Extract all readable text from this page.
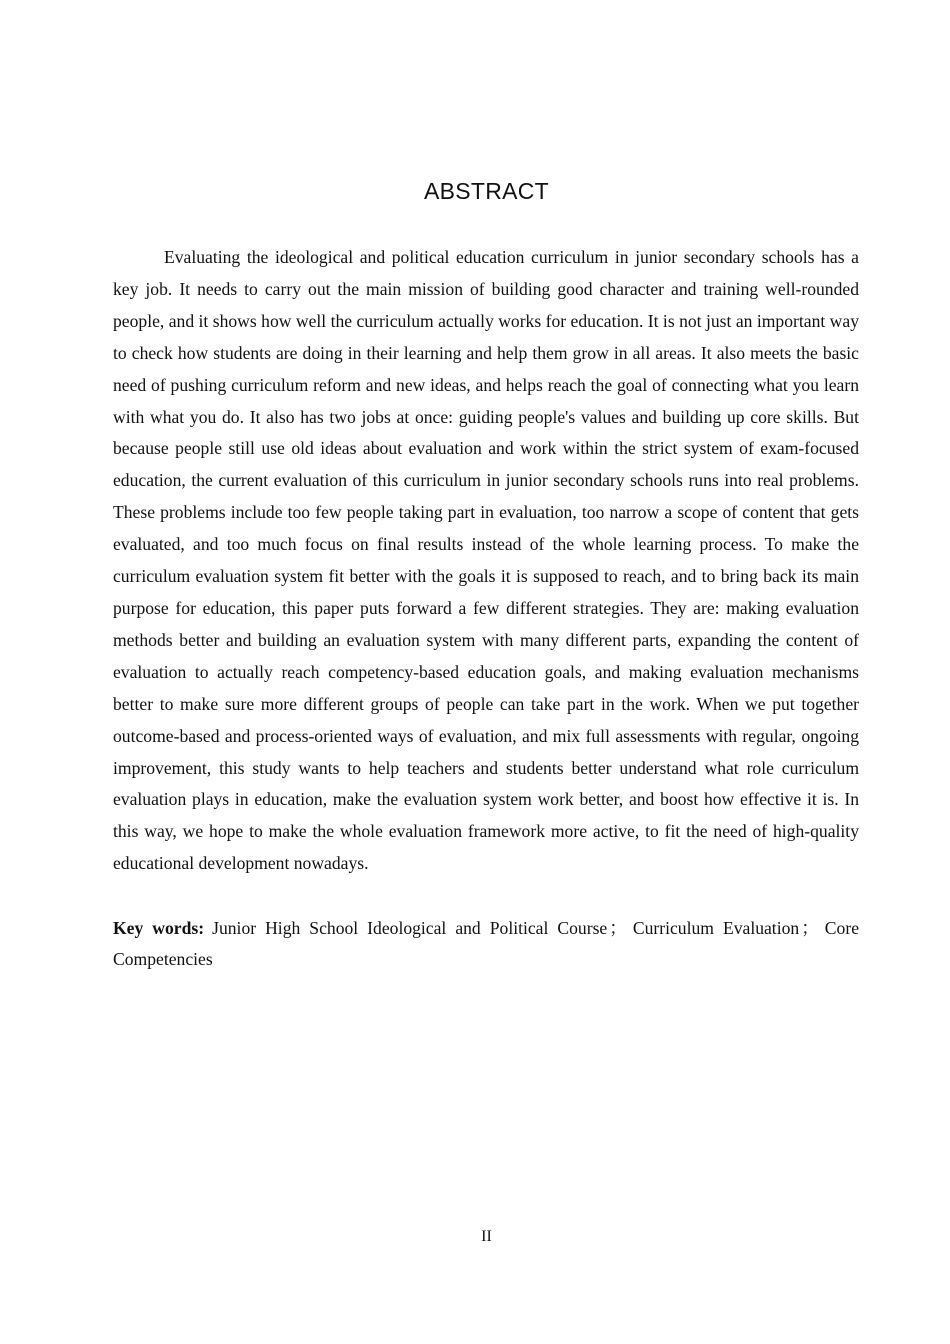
ABSTRACT

Evaluating the ideological and political education curriculum in junior secondary schools has a key job. It needs to carry out the main mission of building good character and training well-rounded people, and it shows how well the curriculum actually works for education. It is not just an important way to check how students are doing in their learning and help them grow in all areas. It also meets the basic need of pushing curriculum reform and new ideas, and helps reach the goal of connecting what you learn with what you do. It also has two jobs at once: guiding people's values and building up core skills. But because people still use old ideas about evaluation and work within the strict system of exam-focused education, the current evaluation of this curriculum in junior secondary schools runs into real problems. These problems include too few people taking part in evaluation, too narrow a scope of content that gets evaluated, and too much focus on final results instead of the whole learning process. To make the curriculum evaluation system fit better with the goals it is supposed to reach, and to bring back its main purpose for education, this paper puts forward a few different strategies. They are: making evaluation methods better and building an evaluation system with many different parts, expanding the content of evaluation to actually reach competency-based education goals, and making evaluation mechanisms better to make sure more different groups of people can take part in the work. When we put together outcome-based and process-oriented ways of evaluation, and mix full assessments with regular, ongoing improvement, this study wants to help teachers and students better understand what role curriculum evaluation plays in education, make the evaluation system work better, and boost how effective it is. In this way, we hope to make the whole evaluation framework more active, to fit the need of high-quality educational development nowadays.

Key words: Junior High School Ideological and Political Course ； Curriculum Evaluation ； Core Competencies

II
